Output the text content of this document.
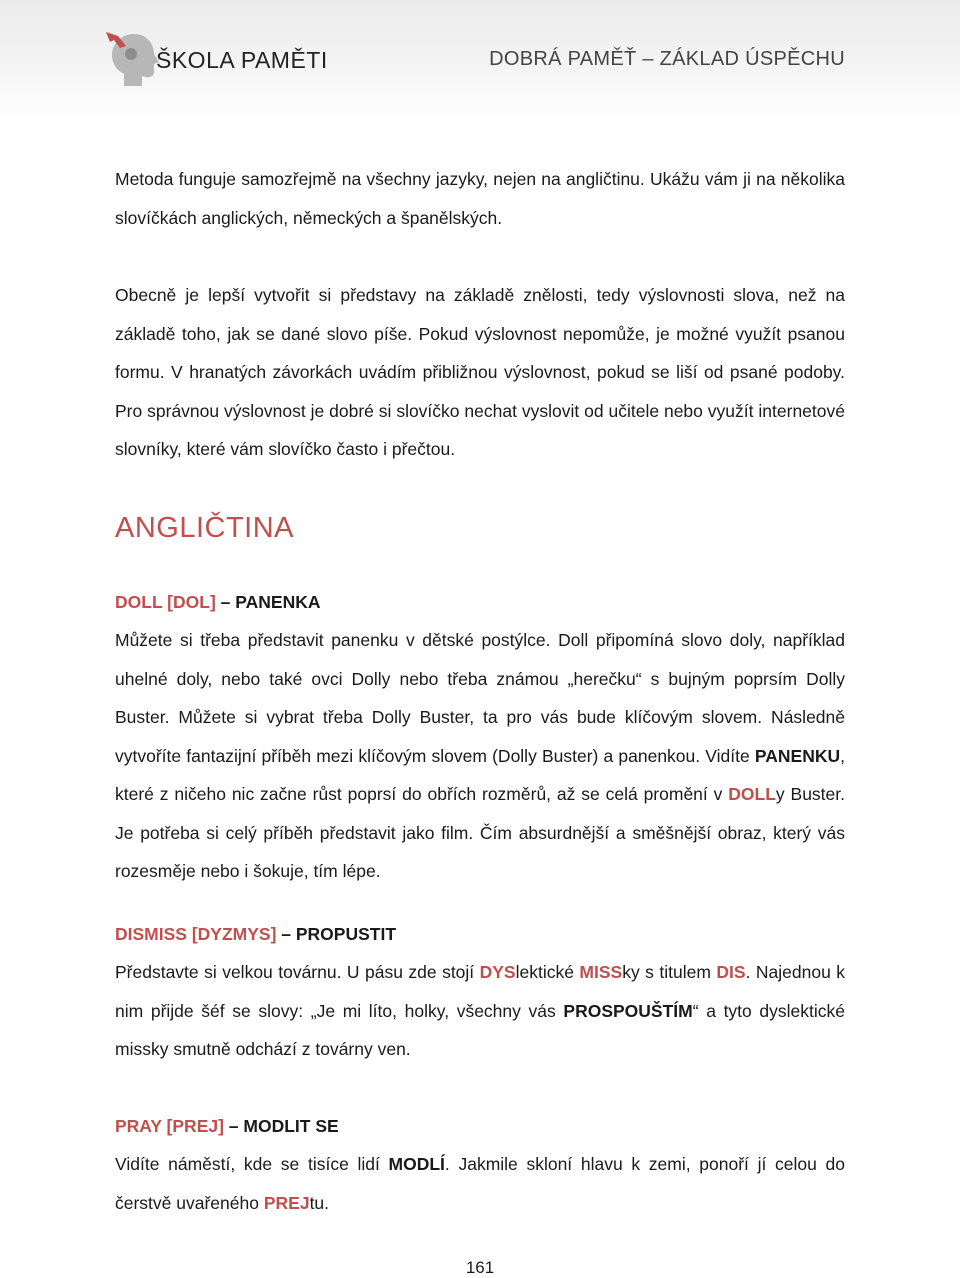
ŠKOLA PAMĚTI	DOBRÁ PAMĚŤ – ZÁKLAD ÚSPĚCHU

Metoda funguje samozřejmě na všechny jazyky, nejen na angličtinu. Ukážu vám ji na několika slovíčkách anglických, německých a španělských.

Obecně je lepší vytvořit si představy na základě znělosti, tedy výslovnosti slova, než na základě toho, jak se dané slovo píše. Pokud výslovnost nepomůže, je možné využít psanou formu. V hranatých závorkách uvádím přibližnou výslovnost, pokud se liší od psané podoby. Pro správnou výslovnost je dobré si slovíčko nechat vyslovit od učitele nebo využít internetové slovníky, které vám slovíčko často i přečtou.

ANGLIČTINA
DOLL [DOL] – PANENKA

Můžete si třeba představit panenku v dětské postýlce. Doll připomíná slovo doly, například uhelné doly, nebo také ovci Dolly nebo třeba známou „herečku“ s bujným poprsím Dolly Buster. Můžete si vybrat třeba Dolly Buster, ta pro vás bude klíčovým slovem. Následně vytvoříte fantazijní příběh mezi klíčovým slovem (Dolly Buster) a panenkou. Vidíte PANENKU, které z ničeho nic začne růst poprsí do obřích rozměrů, až se celá promění v DOLLy Buster. Je potřeba si celý příběh představit jako film. Čím absurdnější a směšnější obraz, který vás rozesměje nebo i šokuje, tím lépe.

DISMISS [DYZMYS] – PROPUSTIT

Představte si velkou továrnu. U pásu zde stojí DYSlektické MISSky s titulem DIS. Najednou k nim přijde šéf se slovy: „Je mi líto, holky, všechny vás PROSPOUŠTÍM“ a tyto dyslektické missky smutně odchází z továrny ven.

PRAY [PREJ] – MODLIT SE

Vidíte náměstí, kde se tisíce lidí MODLÍ. Jakmile skloní hlavu k zemi, ponoří jí celou do čerstvě uvařeného PREJtu.

161
